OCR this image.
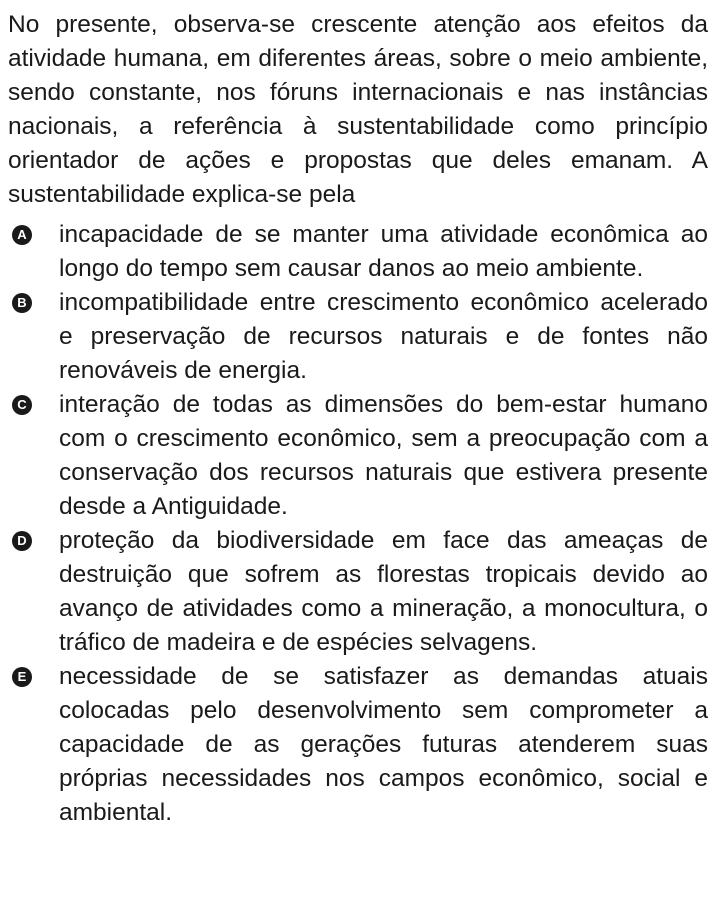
No presente, observa-se crescente atenção aos efeitos da atividade humana, em diferentes áreas, sobre o meio ambiente, sendo constante, nos fóruns internacionais e nas instâncias nacionais, a referência à sustentabilidade como princípio orientador de ações e propostas que deles emanam. A sustentabilidade explica-se pela

A incapacidade de se manter uma atividade econômica ao longo do tempo sem causar danos ao meio ambiente.
B incompatibilidade entre crescimento econômico acelerado e preservação de recursos naturais e de fontes não renováveis de energia.
C interação de todas as dimensões do bem-estar humano com o crescimento econômico, sem a preocupação com a conservação dos recursos naturais que estivera presente desde a Antiguidade.
D proteção da biodiversidade em face das ameaças de destruição que sofrem as florestas tropicais devido ao avanço de atividades como a mineração, a monocultura, o tráfico de madeira e de espécies selvagens.
E necessidade de se satisfazer as demandas atuais colocadas pelo desenvolvimento sem comprometer a capacidade de as gerações futuras atenderem suas próprias necessidades nos campos econômico, social e ambiental.
